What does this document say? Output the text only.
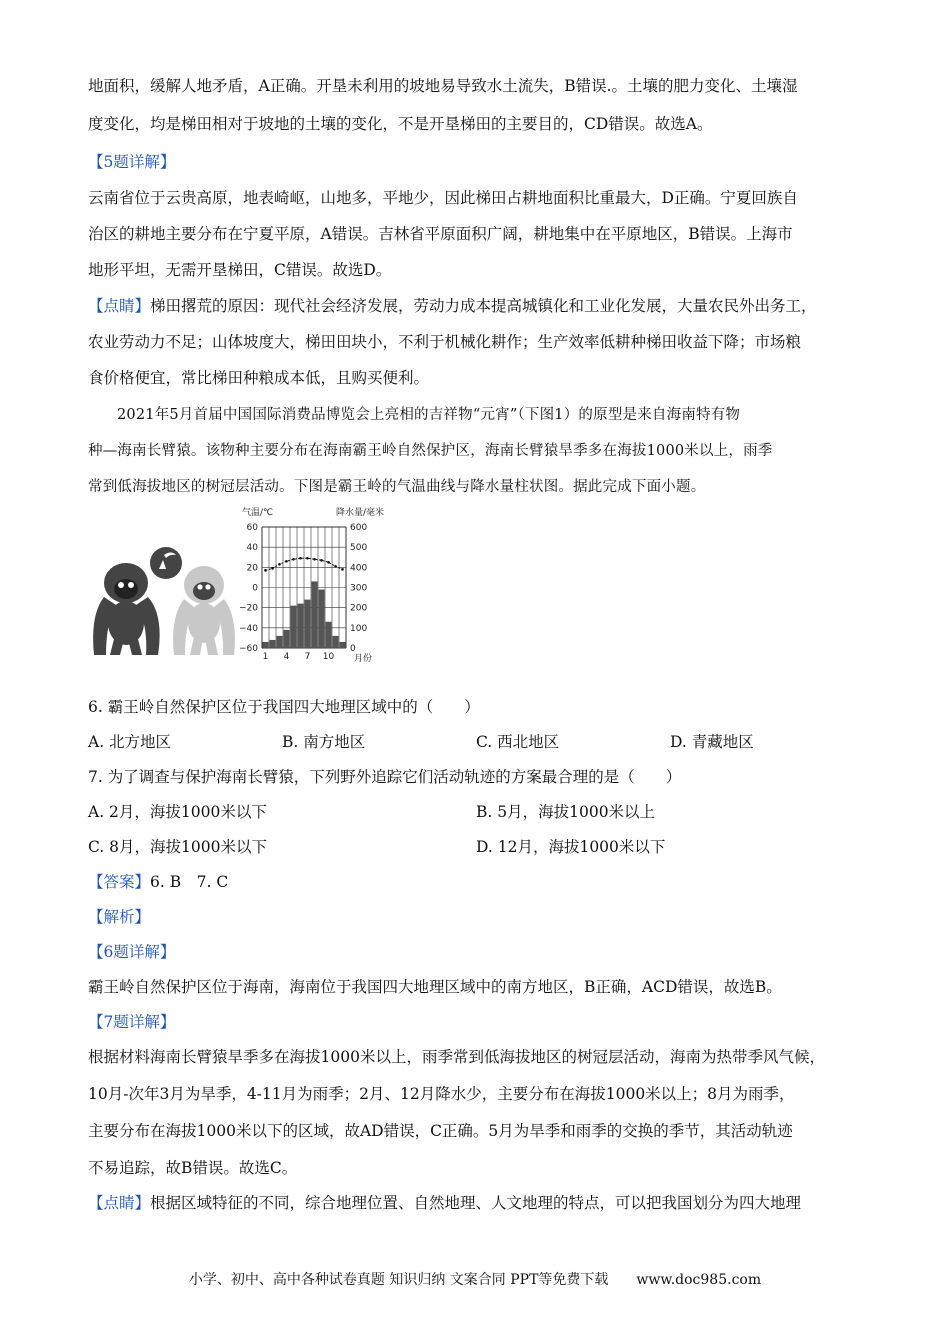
地面积，缓解人地矛盾，A正确。开垦未利用的坡地易导致水土流失，B错误.。土壤的肥力变化、土壤湿
度变化，均是梯田相对于坡地的土壤的变化，不是开垦梯田的主要目的，CD错误。故选A。
【5题详解】
云南省位于云贵高原，地表崎岖，山地多，平地少，因此梯田占耕地面积比重最大，D正确。宁夏回族自
治区的耕地主要分布在宁夏平原，A错误。吉林省平原面积广阔，耕地集中在平原地区，B错误。上海市
地形平坦，无需开垦梯田，C错误。故选D。
【点睛】梯田撂荒的原因：现代社会经济发展，劳动力成本提高城镇化和工业化发展，大量农民外出务工，
农业劳动力不足；山体坡度大，梯田田块小，不利于机械化耕作；生产效率低耕种梯田收益下降；市场粮
食价格便宜，常比梯田种粮成本低，且购买便利。
2021年5月首届中国国际消费品博览会上亮相的吉祥物“元宵”（下图1）的原型是来自海南特有物
种—海南长臂猿。该物种主要分布在海南霸王岭自然保护区，海南长臂猿旱季多在海拔1000米以上，雨季
常到低海拔地区的树冠层活动。下图是霸王岭的气温曲线与降水量柱状图。据此完成下面小题。
气温/℃	降水量/毫米
月份
60	600
40	500
20	400
0	300
−20	200
−40	100
−60	0
1 4 7 10
6. 霸王岭自然保护区位于我国四大地理区域中的（　　）
A. 北方地区	B. 南方地区	C. 西北地区	D. 青藏地区
7. 为了调查与保护海南长臂猿，下列野外追踪它们活动轨迹的方案最合理的是（　　）
A. 2月，海拔1000米以下	B. 5月，海拔1000米以上
C. 8月，海拔1000米以下	D. 12月，海拔1000米以下
【答案】6. B　7. C
【解析】
【6题详解】
霸王岭自然保护区位于海南，海南位于我国四大地理区域中的南方地区，B正确，ACD错误，故选B。
【7题详解】
根据材料海南长臂猿旱季多在海拔1000米以上，雨季常到低海拔地区的树冠层活动，海南为热带季风气候，
10月-次年3月为旱季，4-11月为雨季；2月、12月降水少，主要分布在海拔1000米以上；8月为雨季，
主要分布在海拔1000米以下的区域，故AD错误，C正确。5月为旱季和雨季的交换的季节，其活动轨迹
不易追踪，故B错误。故选C。
【点睛】根据区域特征的不同，综合地理位置、自然地理、人文地理的特点，可以把我国划分为四大地理
小学、初中、高中各种试卷真题 知识归纳 文案合同 PPT等免费下载 www.doc985.com
